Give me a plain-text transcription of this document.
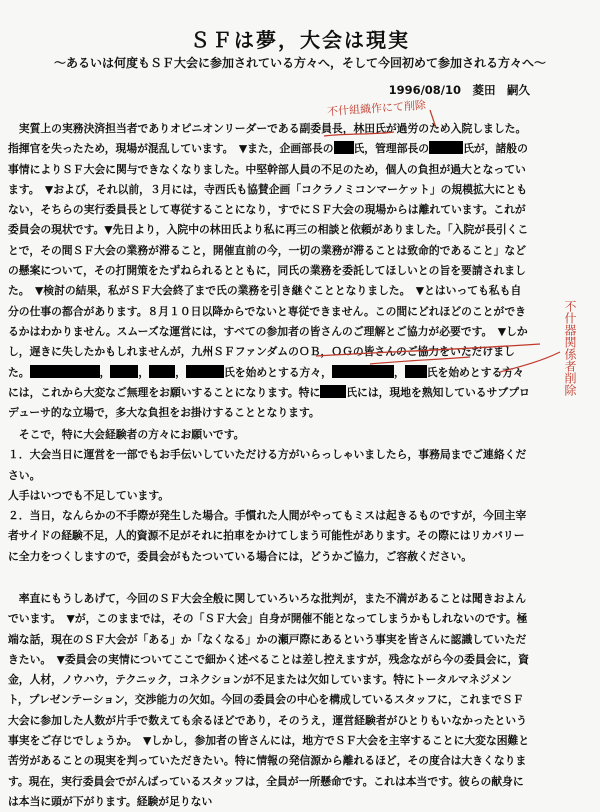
ＳＦは夢，大会は現実
～あるいは何度もＳＦ大会に参加されている方々へ，そして今回初めて参加される方々へ～
1996/08/10　菱田　嗣久
実質上の実務決済担当者でありオピニオンリーダーである副委員長，林田氏が過労のため入院しました。指揮官を失ったため，現場が混乱しています。　▼また，企画部長の 氏，管理部長の	氏が，諸般の事情によりＳＦ大会に関与できなくなりました。中堅幹部人員の不足のため，個人の負担が過大となっています。　▼および，それ以前，３月には，寺西氏も協賛企画「コクラノミコンマーケット」の規模拡大にともない，そちらの実行委員長として専従することになり，すでにＳＦ大会の現場からは離れています。これが委員会の現状です。▼先日より，入院中の林田氏より私に再三の相談と依頼がありました。「入院が長引くことで，その間ＳＦ大会の業務が滞ること，開催直前の今，一切の業務が滞ることは致命的であること」などの懸案について，その打開策をたずねられるとともに，同氏の業務を委託してほしいとの旨を要請されました。　▼検討の結果，私がＳＦ大会終了まで氏の業務を引き継ぐこととなりました。　▼とはいっても私も自分の仕事の都合があります。８月１０日以降からでないと専従できません。この間にどれほどのことができるかはわかりません。スムーズな運営には，すべての参加者の皆さんのご理解とご協力が必要です。　▼しかし，遅きに失したかもしれませんが，九州ＳＦファンダムのＯＢ，ＯＧの皆さんのご協力をいただけました。	，	， ，	氏を始めとする方々，	， 氏を始めとする方々には，これから大変なご無理をお願いすることになります。特に 氏には，現地を熟知しているサブプロデューサ的な立場で，多大な負担をお掛けすることとなります。
そこで，特に大会経験者の方々にお願いです。
１．大会当日に運営を一部でもお手伝いしていただける方がいらっしゃいましたら，事務局までご連絡ください。
人手はいつでも不足しています。
２．当日，なんらかの不手際が発生した場合。手慣れた人間がやってもミスは起きるものですが，今回主宰者サイドの経験不足，人的資源不足がそれに拍車をかけてしまう可能性があります。その際にはリカバリーに全力をつくしますので，委員会がもたついている場合には，どうかご協力，ご容赦ください。
率直にもうしあげて，今回のＳＦ大会全般に関していろいろな批判が，また不満があることは聞きおよんでいます。　▼が，このままでは，その「ＳＦ大会」自身が開催不能となってしまうかもしれないのです。極端な話，現在のＳＦ大会が「ある」か「なくなる」かの瀬戸際にあるという事実を皆さんに認識していただきたい。　▼委員会の実情についてここで細かく述べることは差し控えますが，残念ながら今の委員会に，資金，人材，ノウハウ，テクニック，コネクションが不足または欠如しています。特にトータルマネジメント，プレゼンテーション，交渉能力の欠如。今回の委員会の中心を構成しているスタッフに，これまでＳＦ大会に参加した人数が片手で数えても余るほどであり，そのうえ，運営経験者がひとりもいなかったという事実をご存じでしょうか。　▼しかし，参加者の皆さんには，地方でＳＦ大会を主宰することに大変な困難と苦労があることの現実を判っていただきたい。特に情報の発信源から離れるほど，その度合は大きくなります。現在，実行委員会でがんばっているスタッフは，全員が一所懸命です。これは本当です。彼らの献身には本当に頭が下がります。経験が足りない
不什組織作にて削除
不什器関係者削除
